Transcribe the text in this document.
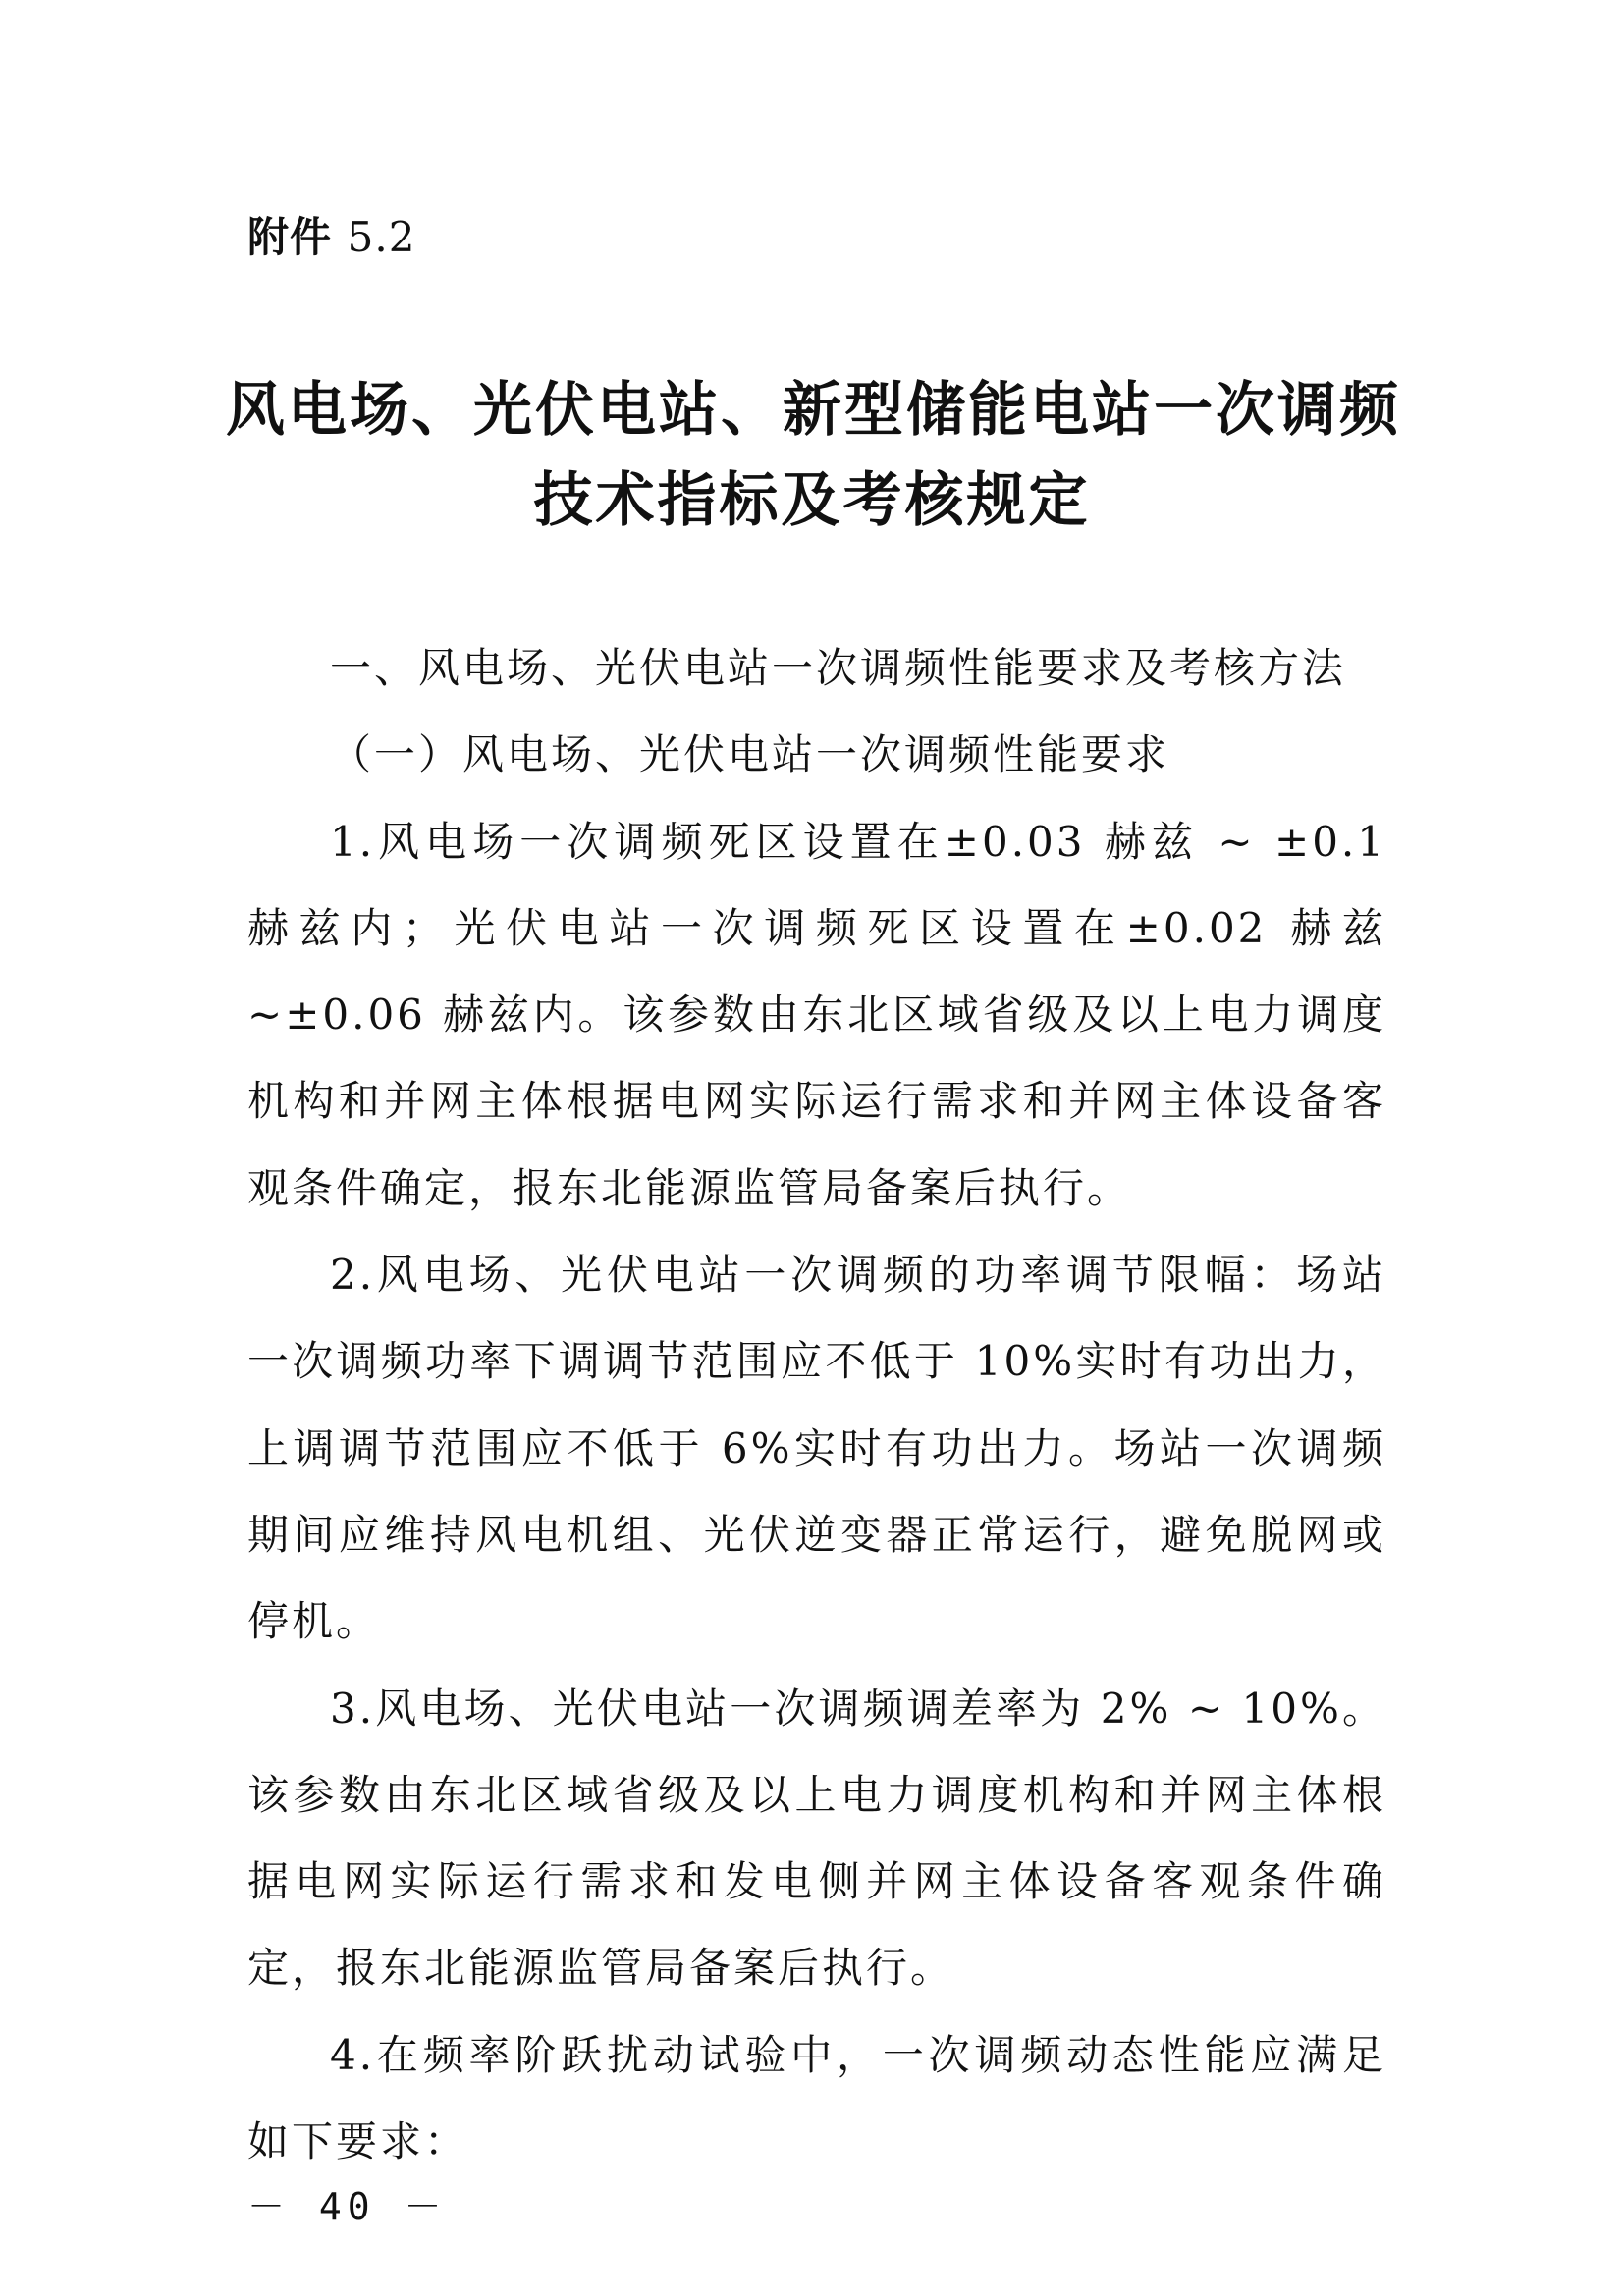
附件 5.2
风电场、光伏电站、新型储能电站一次调频
技术指标及考核规定

一、风电场、光伏电站一次调频性能要求及考核方法

（一）风电场、光伏电站一次调频性能要求

1.风电场一次调频死区设置在±0.03 赫兹 ~ ±0.1 赫兹内；光伏电站一次调频死区设置在±0.02 赫兹~±0.06 赫兹内。该参数由东北区域省级及以上电力调度机构和并网主体根据电网实际运行需求和并网主体设备客观条件确定，报东北能源监管局备案后执行。

2.风电场、光伏电站一次调频的功率调节限幅：场站一次调频功率下调调节范围应不低于 10%实时有功出力，上调调节范围应不低于 6%实时有功出力。场站一次调频期间应维持风电机组、光伏逆变器正常运行，避免脱网或停机。

3.风电场、光伏电站一次调频调差率为 2% ~ 10%。该参数由东北区域省级及以上电力调度机构和并网主体根据电网实际运行需求和发电侧并网主体设备客观条件确定，报东北能源监管局备案后执行。

4.在频率阶跃扰动试验中，一次调频动态性能应满足如下要求：

－ 40 －
